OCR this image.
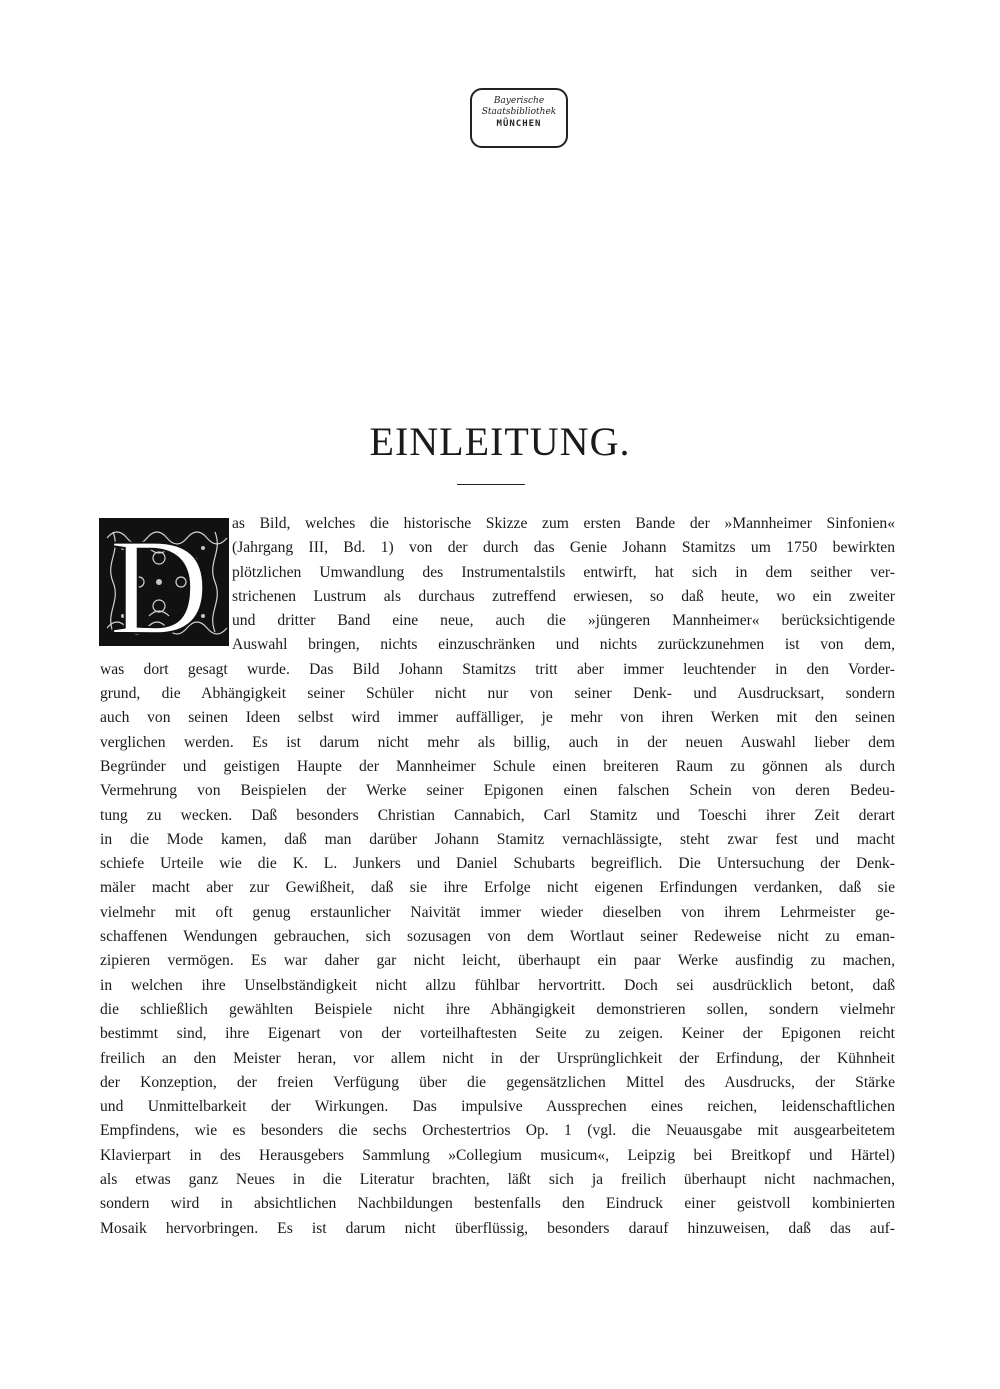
Bayerische
Staatsbibliothek
MÜNCHEN
EINLEITUNG.
D as Bild, welches die historische Skizze zum ersten Bande der »Mannheimer Sinfonien«
(Jahrgang III, Bd. 1) von der durch das Genie Johann Stamitzs um 1750 bewirkten
plötzlichen Umwandlung des Instrumentalstils entwirft, hat sich in dem seither ver-
strichenen Lustrum als durchaus zutreffend erwiesen, so daß heute, wo ein zweiter
und dritter Band eine neue, auch die »jüngeren Mannheimer« berücksichtigende
Auswahl bringen, nichts einzuschränken und nichts zurückzunehmen ist von dem,
was dort gesagt wurde. Das Bild Johann Stamitzs tritt aber immer leuchtender in den Vorder-
grund, die Abhängigkeit seiner Schüler nicht nur von seiner Denk- und Ausdrucksart, sondern
auch von seinen Ideen selbst wird immer auffälliger, je mehr von ihren Werken mit den seinen
verglichen werden. Es ist darum nicht mehr als billig, auch in der neuen Auswahl lieber dem
Begründer und geistigen Haupte der Mannheimer Schule einen breiteren Raum zu gönnen als durch
Vermehrung von Beispielen der Werke seiner Epigonen einen falschen Schein von deren Bedeu-
tung zu wecken. Daß besonders Christian Cannabich, Carl Stamitz und Toeschi ihrer Zeit derart
in die Mode kamen, daß man darüber Johann Stamitz vernachlässigte, steht zwar fest und macht
schiefe Urteile wie die K. L. Junkers und Daniel Schubarts begreiflich. Die Untersuchung der Denk-
mäler macht aber zur Gewißheit, daß sie ihre Erfolge nicht eigenen Erfindungen verdanken, daß sie
vielmehr mit oft genug erstaunlicher Naivität immer wieder dieselben von ihrem Lehrmeister ge-
schaffenen Wendungen gebrauchen, sich sozusagen von dem Wortlaut seiner Redeweise nicht zu eman-
zipieren vermögen. Es war daher gar nicht leicht, überhaupt ein paar Werke ausfindig zu machen,
in welchen ihre Unselbständigkeit nicht allzu fühlbar hervortritt. Doch sei ausdrücklich betont, daß
die schließlich gewählten Beispiele nicht ihre Abhängigkeit demonstrieren sollen, sondern vielmehr
bestimmt sind, ihre Eigenart von der vorteilhaftesten Seite zu zeigen. Keiner der Epigonen reicht
freilich an den Meister heran, vor allem nicht in der Ursprünglichkeit der Erfindung, der Kühnheit
der Konzeption, der freien Verfügung über die gegensätzlichen Mittel des Ausdrucks, der Stärke
und Unmittelbarkeit der Wirkungen. Das impulsive Aussprechen eines reichen, leidenschaftlichen
Empfindens, wie es besonders die sechs Orchestertrios Op. 1 (vgl. die Neuausgabe mit ausgearbeitetem
Klavierpart in des Herausgebers Sammlung »Collegium musicum«, Leipzig bei Breitkopf und Härtel)
als etwas ganz Neues in die Literatur brachten, läßt sich ja freilich überhaupt nicht nachmachen,
sondern wird in absichtlichen Nachbildungen bestenfalls den Eindruck einer geistvoll kombinierten
Mosaik hervorbringen. Es ist darum nicht überflüssig, besonders darauf hinzuweisen, daß das auf-
